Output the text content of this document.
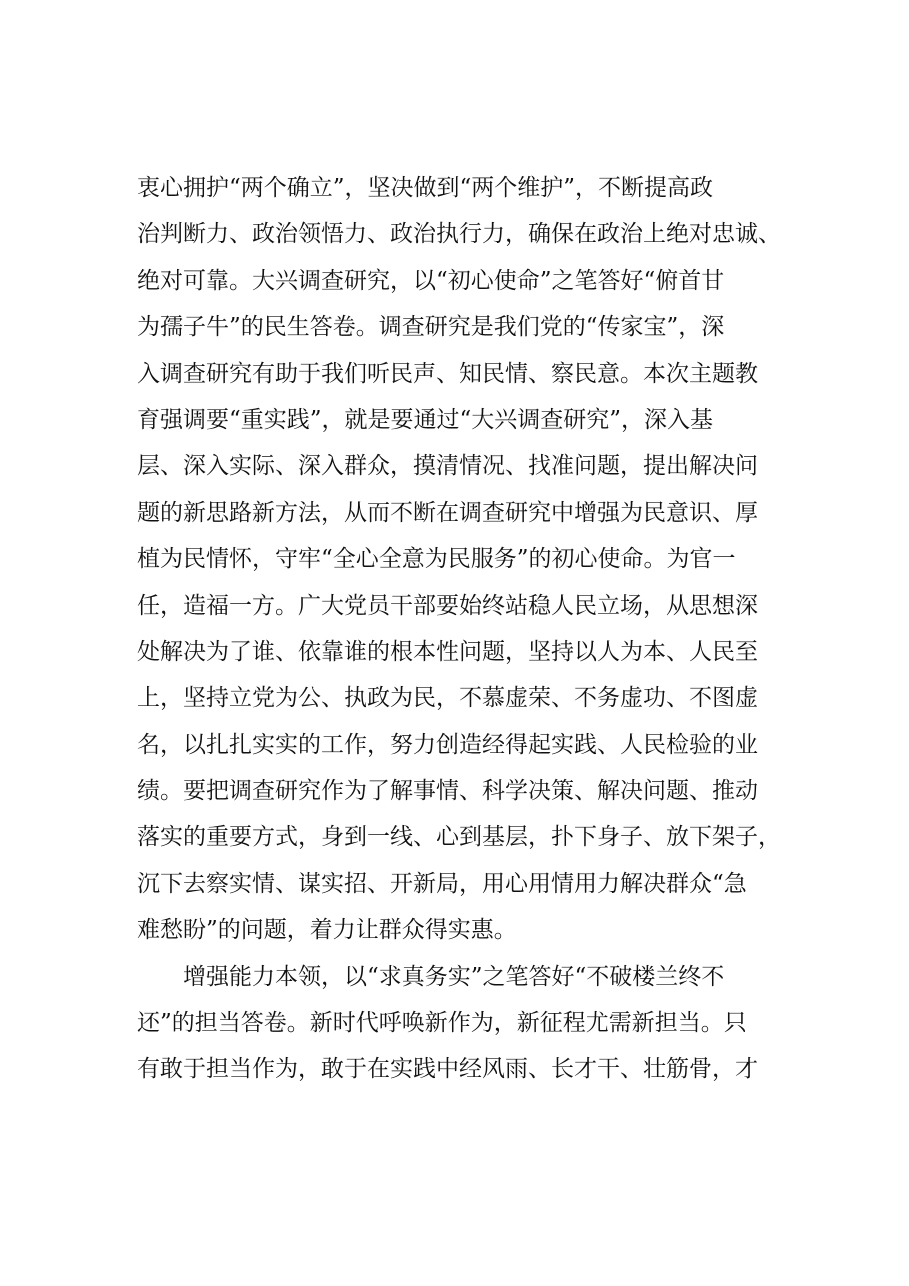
衷心拥护“两个确立”，坚决做到“两个维护”，不断提高政
治判断力、政治领悟力、政治执行力，确保在政治上绝对忠诚、
绝对可靠。大兴调查研究，以“初心使命”之笔答好“俯首甘
为孺子牛”的民生答卷。调查研究是我们党的“传家宝”，深
入调查研究有助于我们听民声、知民情、察民意。本次主题教
育强调要“重实践”，就是要通过“大兴调查研究”，深入基
层、深入实际、深入群众，摸清情况、找准问题，提出解决问
题的新思路新方法，从而不断在调查研究中增强为民意识、厚
植为民情怀，守牢“全心全意为民服务”的初心使命。为官一
任，造福一方。广大党员干部要始终站稳人民立场，从思想深
处解决为了谁、依靠谁的根本性问题，坚持以人为本、人民至
上，坚持立党为公、执政为民，不慕虚荣、不务虚功、不图虚
名，以扎扎实实的工作，努力创造经得起实践、人民检验的业
绩。要把调查研究作为了解事情、科学决策、解决问题、推动
落实的重要方式，身到一线、心到基层，扑下身子、放下架子，
沉下去察实情、谋实招、开新局，用心用情用力解决群众“急
难愁盼”的问题，着力让群众得实惠。
增强能力本领，以“求真务实”之笔答好“不破楼兰终不
还”的担当答卷。新时代呼唤新作为，新征程尤需新担当。只
有敢于担当作为，敢于在实践中经风雨、长才干、壮筋骨，才
